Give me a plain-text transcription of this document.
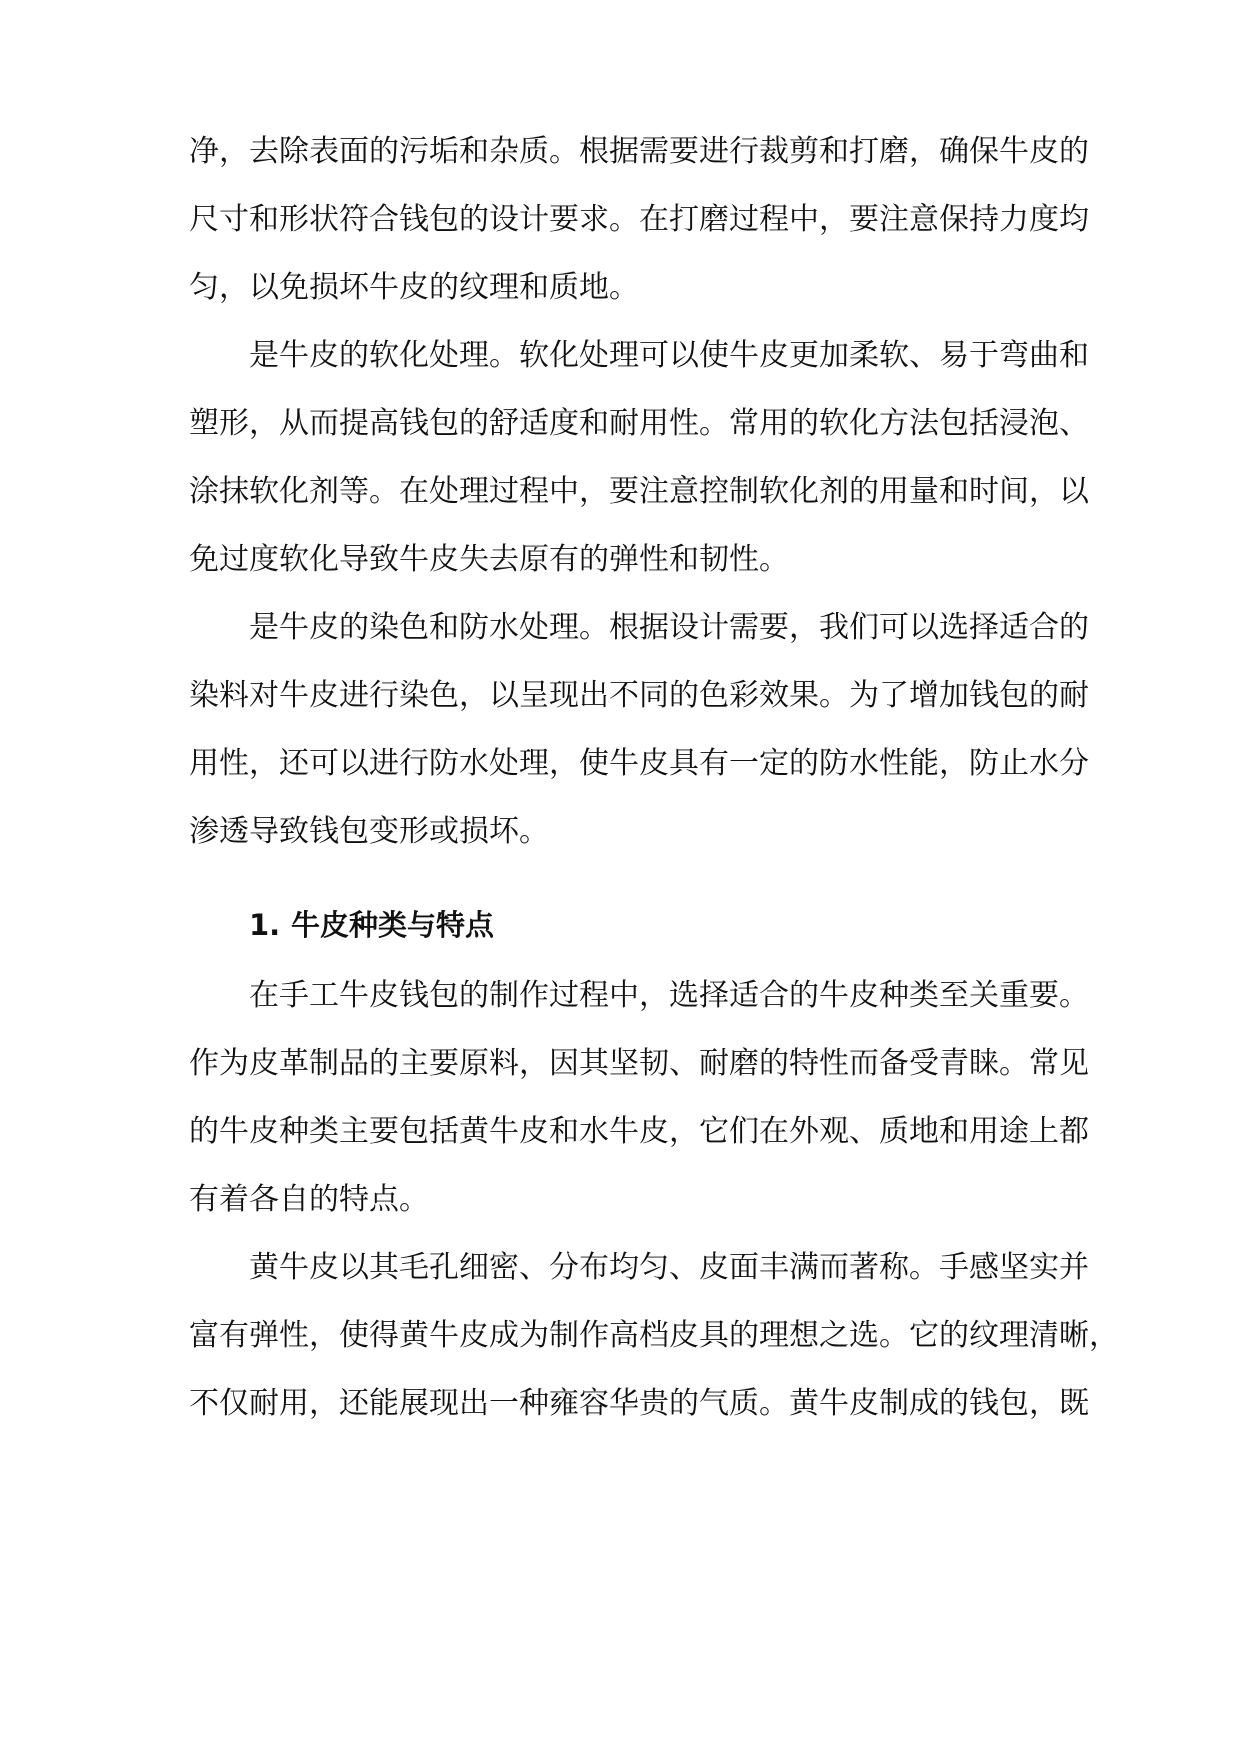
净，去除表面的污垢和杂质。根据需要进行裁剪和打磨，确保牛皮的
尺寸和形状符合钱包的设计要求。在打磨过程中，要注意保持力度均
匀，以免损坏牛皮的纹理和质地。
是牛皮的软化处理。软化处理可以使牛皮更加柔软、易于弯曲和
塑形，从而提高钱包的舒适度和耐用性。常用的软化方法包括浸泡、
涂抹软化剂等。在处理过程中，要注意控制软化剂的用量和时间，以
免过度软化导致牛皮失去原有的弹性和韧性。
是牛皮的染色和防水处理。根据设计需要，我们可以选择适合的
染料对牛皮进行染色，以呈现出不同的色彩效果。为了增加钱包的耐
用性，还可以进行防水处理，使牛皮具有一定的防水性能，防止水分
渗透导致钱包变形或损坏。
1. 牛皮种类与特点
在手工牛皮钱包的制作过程中，选择适合的牛皮种类至关重要。
作为皮革制品的主要原料，因其坚韧、耐磨的特性而备受青睐。常见
的牛皮种类主要包括黄牛皮和水牛皮，它们在外观、质地和用途上都
有着各自的特点。
黄牛皮以其毛孔细密、分布均匀、皮面丰满而著称。手感坚实并
富有弹性，使得黄牛皮成为制作高档皮具的理想之选。它的纹理清晰，
不仅耐用，还能展现出一种雍容华贵的气质。黄牛皮制成的钱包，既
